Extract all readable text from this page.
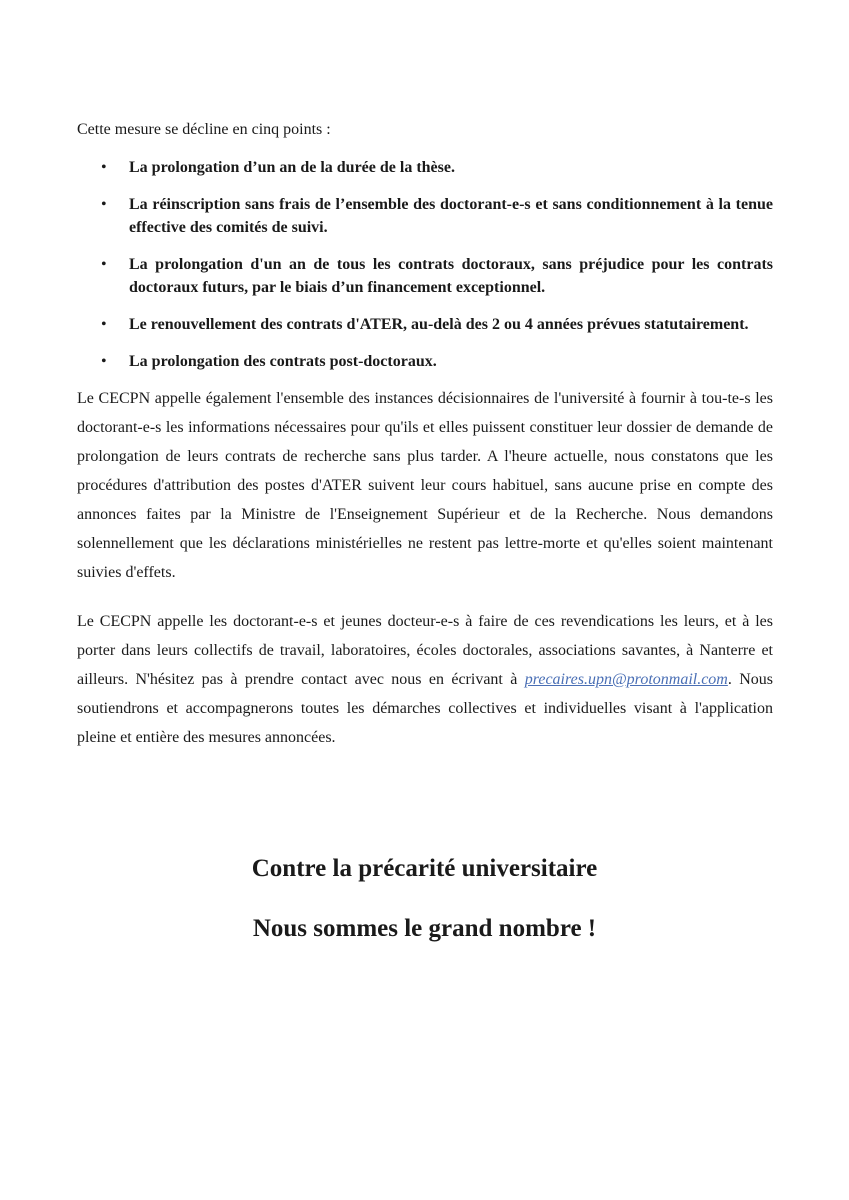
Cette mesure se décline en cinq points :

• La prolongation d’un an de la durée de la thèse.
• La réinscription sans frais de l’ensemble des doctorant-e-s et sans conditionnement à la tenue effective des comités de suivi.
• La prolongation d'un an de tous les contrats doctoraux, sans préjudice pour les contrats doctoraux futurs, par le biais d’un financement exceptionnel.
• Le renouvellement des contrats d'ATER, au-delà des 2 ou 4 années prévues statutairement.
• La prolongation des contrats post-doctoraux.

Le CECPN appelle également l'ensemble des instances décisionnaires de l'université à fournir à tou-te-s les doctorant-e-s les informations nécessaires pour qu'ils et elles puissent constituer leur dossier de demande de prolongation de leurs contrats de recherche sans plus tarder. A l'heure actuelle, nous constatons que les procédures d'attribution des postes d'ATER suivent leur cours habituel, sans aucune prise en compte des annonces faites par la Ministre de l'Enseignement Supérieur et de la Recherche. Nous demandons solennellement que les déclarations ministérielles ne restent pas lettre-morte et qu'elles soient maintenant suivies d'effets.

Le CECPN appelle les doctorant-e-s et jeunes docteur-e-s à faire de ces revendications les leurs, et à les porter dans leurs collectifs de travail, laboratoires, écoles doctorales, associations savantes, à Nanterre et ailleurs. N'hésitez pas à prendre contact avec nous en écrivant à precaires.upn@protonmail.com. Nous soutiendrons et accompagnerons toutes les démarches collectives et individuelles visant à l'application pleine et entière des mesures annoncées.

Contre la précarité universitaire
Nous sommes le grand nombre !
